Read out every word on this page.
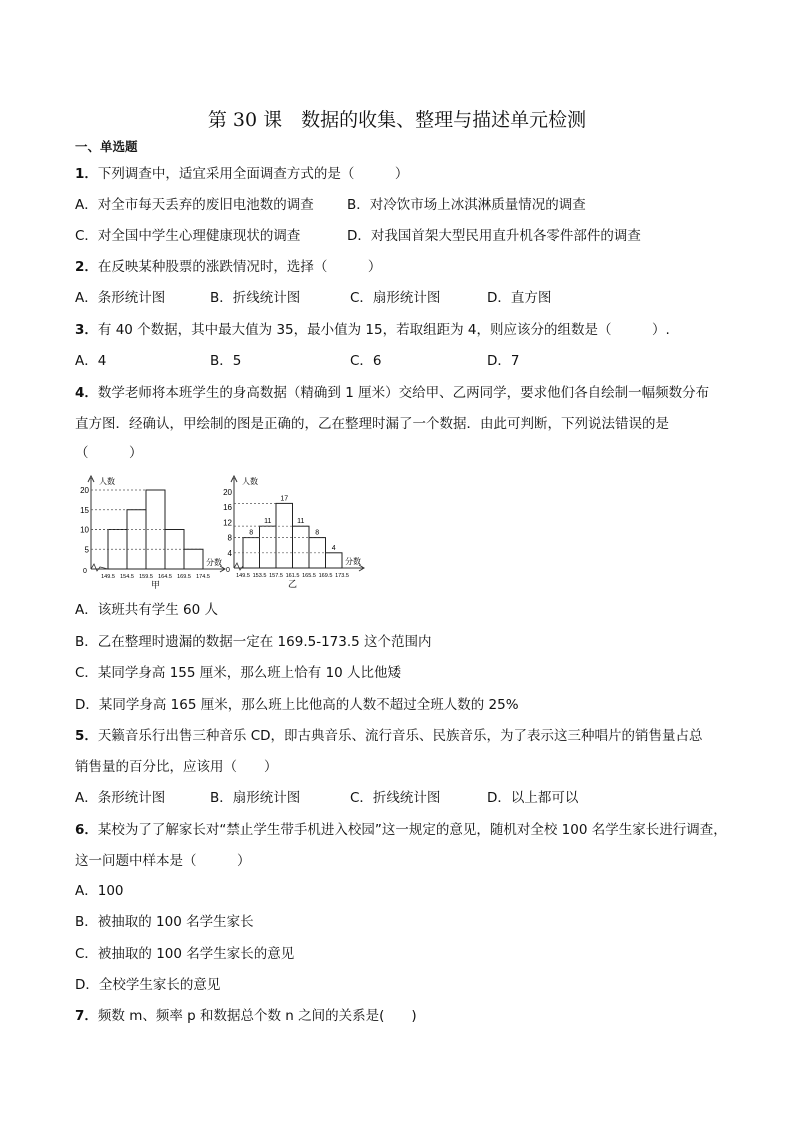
第 30 课　数据的收集、整理与描述单元检测
一、单选题
1．下列调查中，适宜采用全面调查方式的是（　　　）
A．对全市每天丢弃的废旧电池数的调查 B．对冷饮市场上冰淇淋质量情况的调查
C．对全国中学生心理健康现状的调查	D．对我国首架大型民用直升机各零件部件的调查
2．在反映某种股票的涨跌情况时，选择（　　　）
A．条形统计图	B．折线统计图	C．扇形统计图	D．直方图
3．有 40 个数据，其中最大值为 35，最小值为 15，若取组距为 4，则应该分的组数是（　　　）.
A．4	B．5	C．6	D．7
4．数学老师将本班学生的身高数据（精确到 1 厘米）交给甲、乙两同学，要求他们各自绘制一幅频数分布
直方图．经确认，甲绘制的图是正确的，乙在整理时漏了一个数据．由此可判断，下列说法错误的是
（　　　）
A．该班共有学生 60 人
B．乙在整理时遗漏的数据一定在 169.5-173.5 这个范围内
C．某同学身高 155 厘米，那么班上恰有 10 人比他矮
D．某同学身高 165 厘米，那么班上比他高的人数不超过全班人数的 25%
5．天籁音乐行出售三种音乐 CD，即古典音乐、流行音乐、民族音乐，为了表示这三种唱片的销售量占总
销售量的百分比，应该用（　　）
A．条形统计图	B．扇形统计图	C．折线统计图	D．以上都可以
6．某校为了了解家长对“禁止学生带手机进入校园”这一规定的意见，随机对全校 100 名学生家长进行调查，
这一问题中样本是（　　　）
A．100
B．被抽取的 100 名学生家长
C．被抽取的 100 名学生家长的意见
D．全校学生家长的意见
7．频数 m、频率 p 和数据总个数 n 之间的关系是(　　)
5
10
15
20
149.5 154.5 159.5 164.5 169.5 174.5
人数
分数
0
甲
4
8
12
16
20
8
11
17
11
8
4
149.5 153.5 157.5 161.5 165.5 169.5 173.5
人数
分数
0
乙
